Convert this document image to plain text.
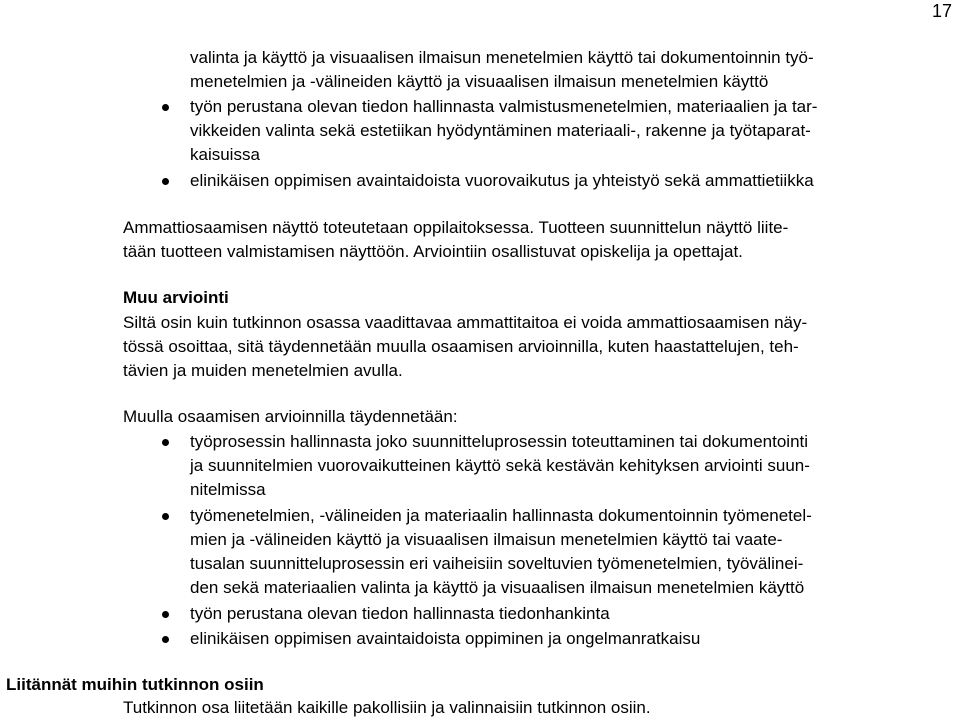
17
valinta ja käyttö ja visuaalisen ilmaisun menetelmien käyttö tai dokumentoinnin työ-
menetelmien ja -välineiden käyttö ja visuaalisen ilmaisun menetelmien käyttö
työn perustana olevan tiedon hallinnasta valmistusmenetelmien, materiaalien ja tar-
vikkeiden valinta sekä estetiikan hyödyntäminen materiaali-, rakenne ja työtaparat-
kaisuissa
elinikäisen oppimisen avaintaidoista vuorovaikutus ja yhteistyö sekä ammattietiikka
Ammattiosaamisen näyttö toteutetaan oppilaitoksessa. Tuotteen suunnittelun näyttö liite-
tään tuotteen valmistamisen näyttöön. Arviointiin osallistuvat opiskelija ja opettajat.
Muu arviointi
Siltä osin kuin tutkinnon osassa vaadittavaa ammattitaitoa ei voida ammattiosaamisen näy-
tössä osoittaa, sitä täydennetään muulla osaamisen arvioinnilla, kuten haastattelujen, teh-
tävien ja muiden menetelmien avulla.
Muulla osaamisen arvioinnilla täydennetään:
työprosessin hallinnasta joko suunnitteluprosessin toteuttaminen tai dokumentointi
ja suunnitelmien vuorovaikutteinen käyttö sekä kestävän kehityksen arviointi suun-
nitelmissa
työmenetelmien, -välineiden ja materiaalin hallinnasta dokumentoinnin työmenetel-
mien ja -välineiden käyttö ja visuaalisen ilmaisun menetelmien käyttö tai vaate-
tusalan suunnitteluprosessin eri vaiheisiin soveltuvien työmenetelmien, työvälinei-
den sekä materiaalien valinta ja käyttö ja visuaalisen ilmaisun menetelmien käyttö
työn perustana olevan tiedon hallinnasta tiedonhankinta
elinikäisen oppimisen avaintaidoista oppiminen ja ongelmanratkaisu
Liitännät muihin tutkinnon osiin
Tutkinnon osa liitetään kaikille pakollisiin ja valinnaisiin tutkinnon osiin.
